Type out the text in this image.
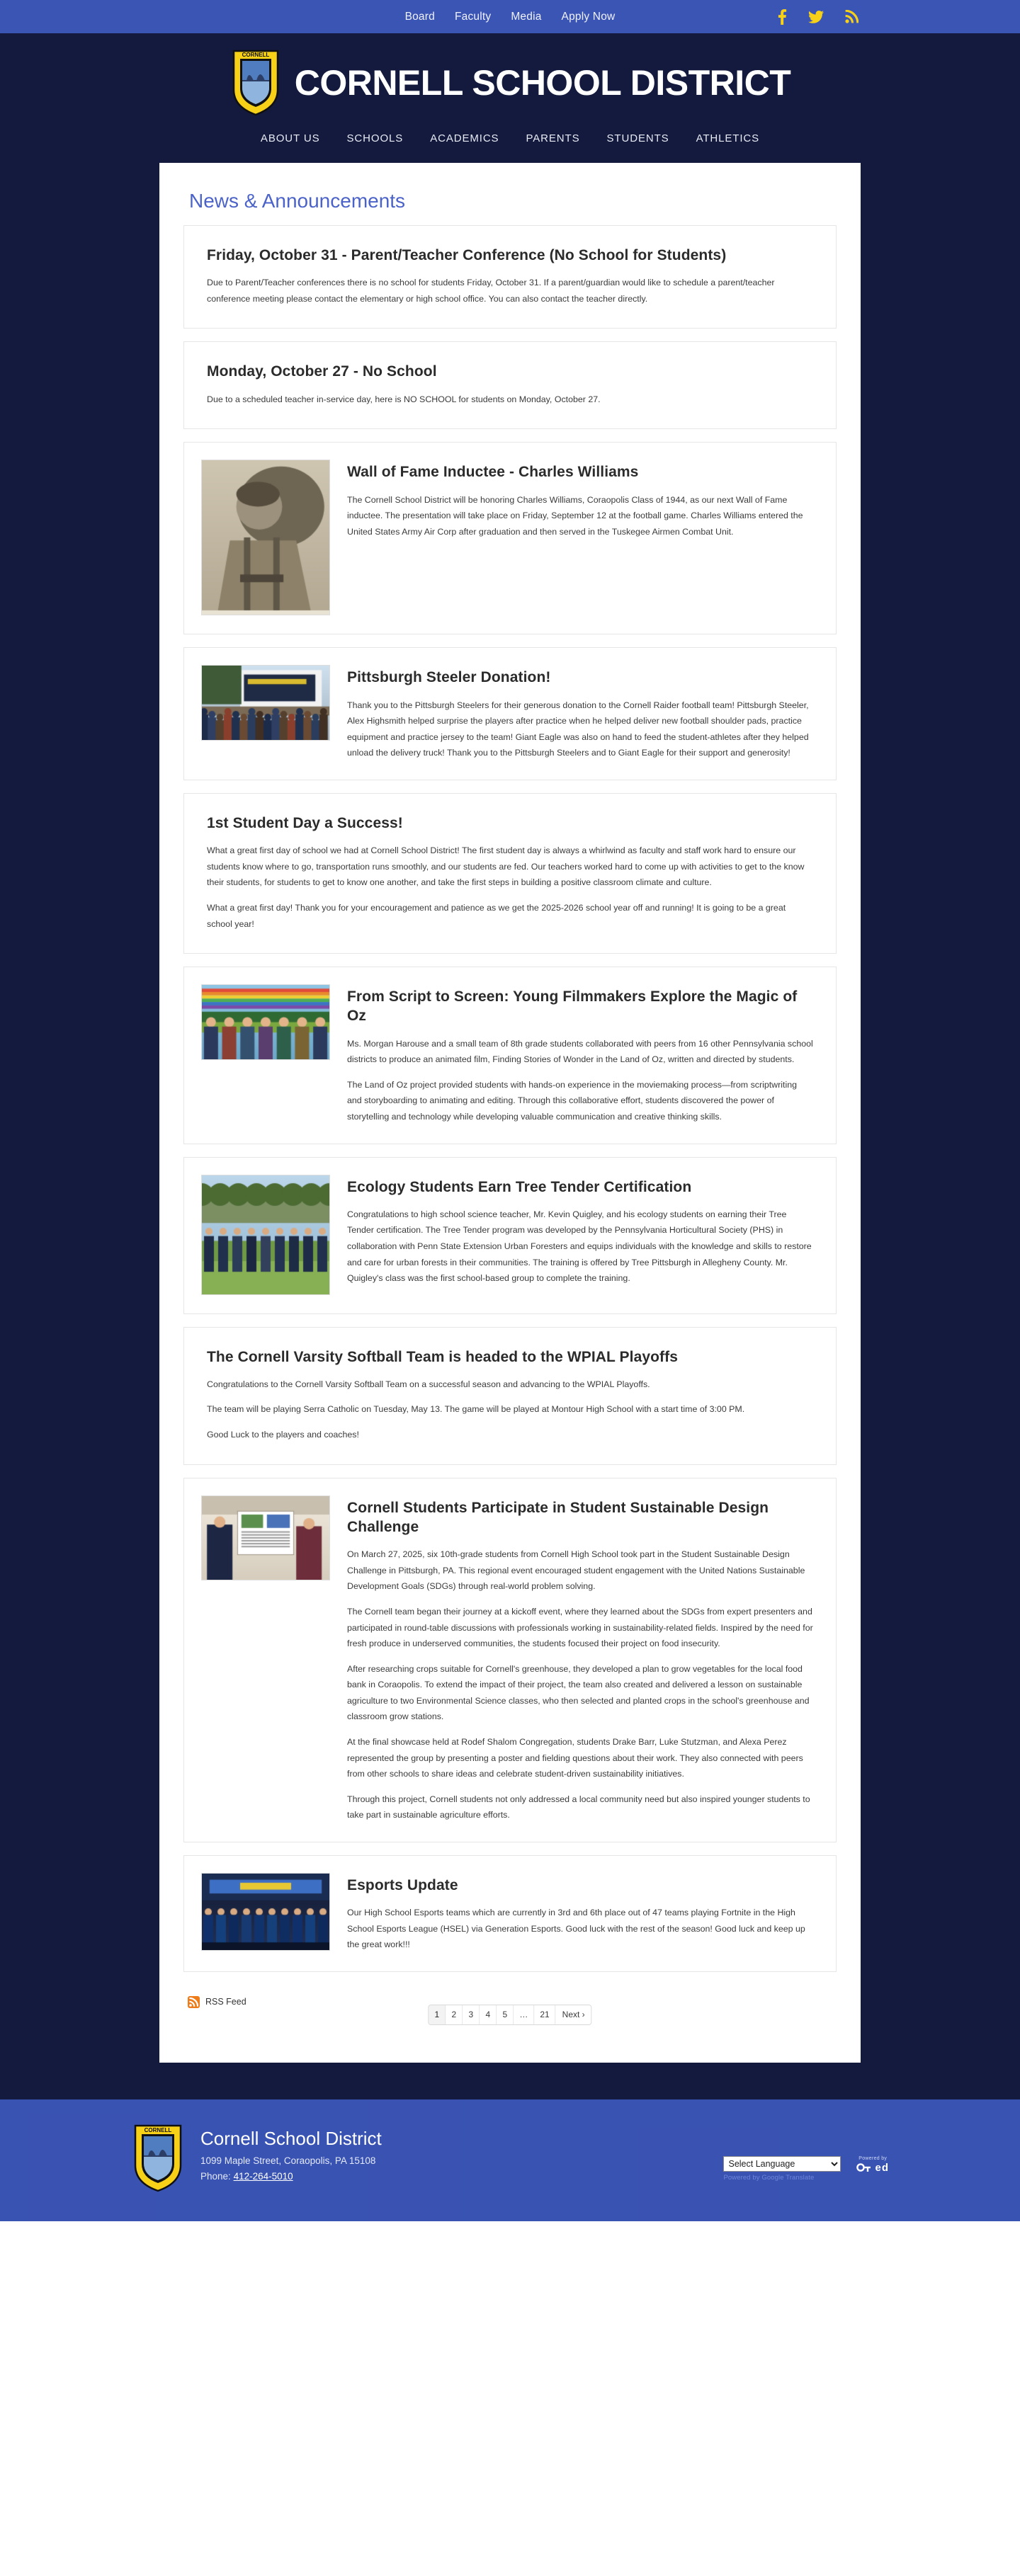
Board Faculty Media Apply Now
CORNELL
CORNELL SCHOOL DISTRICT
ABOUT US	SCHOOLS	ACADEMICS	PARENTS	STUDENTS	ATHLETICS
News & Announcements
Friday, October 31 - Parent/Teacher Conference (No School for Students)

Due to Parent/Teacher conferences there is no school for students Friday, October 31. If a parent/guardian would like to schedule a parent/teacher conference meeting please contact the elementary or high school office. You can also contact the teacher directly.

Monday, October 27 - No School

Due to a scheduled teacher in-service day, here is NO SCHOOL for students on Monday, October 27.

Wall of Fame Inductee - Charles Williams

The Cornell School District will be honoring Charles Williams, Coraopolis Class of 1944, as our next Wall of Fame inductee. The presentation will take place on Friday, September 12 at the football game. Charles Williams entered the United States Army Air Corp after graduation and then served in the Tuskegee Airmen Combat Unit.

Pittsburgh Steeler Donation!

Thank you to the Pittsburgh Steelers for their generous donation to the Cornell Raider football team! Pittsburgh Steeler, Alex Highsmith helped surprise the players after practice when he helped deliver new football shoulder pads, practice equipment and practice jersey to the team! Giant Eagle was also on hand to feed the student-athletes after they helped unload the delivery truck! Thank you to the Pittsburgh Steelers and to Giant Eagle for their support and generosity!

1st Student Day a Success!

What a great first day of school we had at Cornell School District! The first student day is always a whirlwind as faculty and staff work hard to ensure our students know where to go, transportation runs smoothly, and our students are fed. Our teachers worked hard to come up with activities to get to the know their students, for students to get to know one another, and take the first steps in building a positive classroom climate and culture.

What a great first day! Thank you for your encouragement and patience as we get the 2025-2026 school year off and running! It is going to be a great school year!

From Script to Screen: Young Filmmakers Explore the Magic of Oz

Ms. Morgan Harouse and a small team of 8th grade students collaborated with peers from 16 other Pennsylvania school districts to produce an animated film, Finding Stories of Wonder in the Land of Oz, written and directed by students.

The Land of Oz project provided students with hands-on experience in the moviemaking process—from scriptwriting and storyboarding to animating and editing. Through this collaborative effort, students discovered the power of storytelling and technology while developing valuable communication and creative thinking skills.

Ecology Students Earn Tree Tender Certification

Congratulations to high school science teacher, Mr. Kevin Quigley, and his ecology students on earning their Tree Tender certification. The Tree Tender program was developed by the Pennsylvania Horticultural Society (PHS) in collaboration with Penn State Extension Urban Foresters and equips individuals with the knowledge and skills to restore and care for urban forests in their communities. The training is offered by Tree Pittsburgh in Allegheny County. Mr. Quigley's class was the first school-based group to complete the training.

The Cornell Varsity Softball Team is headed to the WPIAL Playoffs

Congratulations to the Cornell Varsity Softball Team on a successful season and advancing to the WPIAL Playoffs.

The team will be playing Serra Catholic on Tuesday, May 13. The game will be played at Montour High School with a start time of 3:00 PM.

Good Luck to the players and coaches!

Cornell Students Participate in Student Sustainable Design Challenge

On March 27, 2025, six 10th-grade students from Cornell High School took part in the Student Sustainable Design Challenge in Pittsburgh, PA. This regional event encouraged student engagement with the United Nations Sustainable Development Goals (SDGs) through real-world problem solving.

The Cornell team began their journey at a kickoff event, where they learned about the SDGs from expert presenters and participated in round-table discussions with professionals working in sustainability-related fields. Inspired by the need for fresh produce in underserved communities, the students focused their project on food insecurity.

After researching crops suitable for Cornell's greenhouse, they developed a plan to grow vegetables for the local food bank in Coraopolis. To extend the impact of their project, the team also created and delivered a lesson on sustainable agriculture to two Environmental Science classes, who then selected and planted crops in the school's greenhouse and classroom grow stations.

At the final showcase held at Rodef Shalom Congregation, students Drake Barr, Luke Stutzman, and Alexa Perez represented the group by presenting a poster and fielding questions about their work. They also connected with peers from other schools to share ideas and celebrate student-driven sustainability initiatives.

Through this project, Cornell students not only addressed a local community need but also inspired younger students to take part in sustainable agriculture efforts.

Esports Update

Our High School Esports teams which are currently in 3rd and 6th place out of 47 teams playing Fortnite in the High School Esports League (HSEL) via Generation Esports. Good luck with the rest of the season! Good luck and keep up the great work!!!

RSS Feed
1	2	3	4	5	…	21	Next ›
CORNELL Cornell School District
1099 Maple Street, Coraopolis, PA 15108
Phone: 412-264-5010
Select Language	Powered by Google Translate
Powered by
ed
